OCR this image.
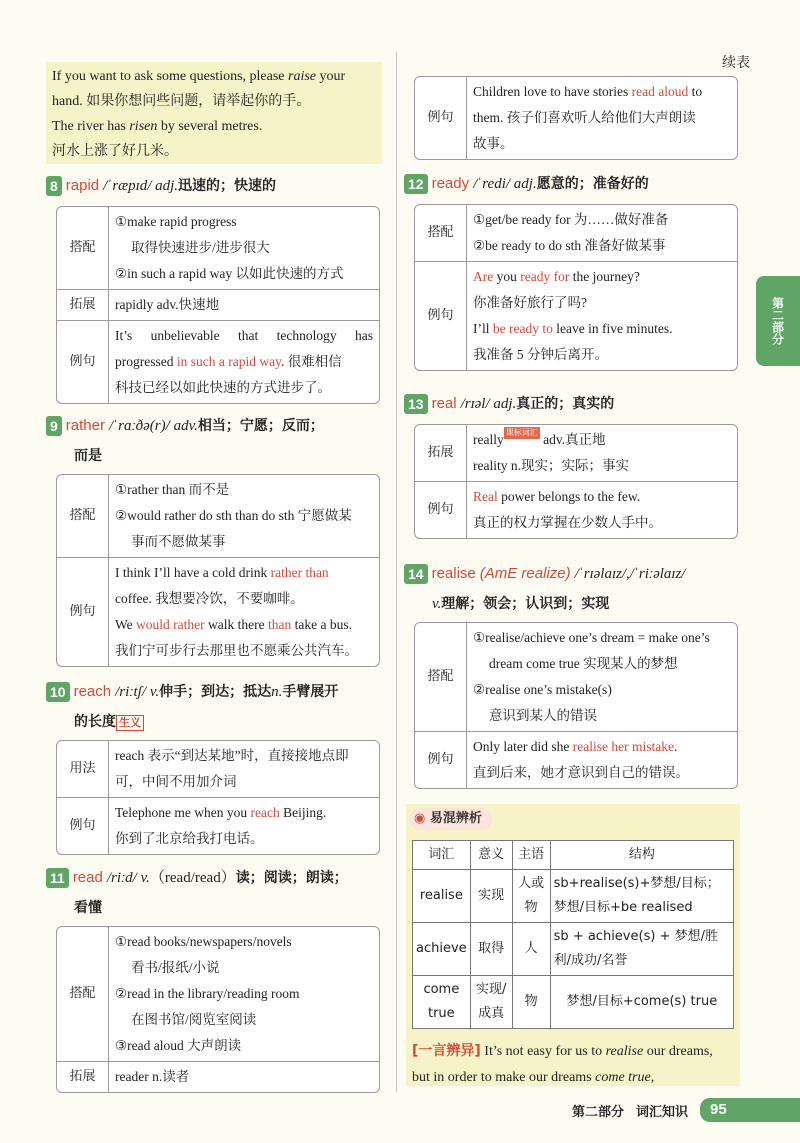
If you want to ask some questions, please raise your
hand. 如果你想问些问题，请举起你的手。
The river has risen by several metres.
河水上涨了好几米。
8 rapid /ˈræpɪd/ adj.迅速的；快速的
搭配	①make rapid progress
取得快速进步/进步很大
②in such a rapid way 以如此快速的方式

拓展	rapidly adv.快速地

例句	It’s unbelievable that technology has
progressed in such a rapid way. 很难相信
科技已经以如此快速的方式进步了。
9 rather /ˈrɑːðə(r)/ adv.相当；宁愿；反而；
而是
搭配	①rather than 而不是
②would rather do sth than do sth 宁愿做某
事而不愿做某事

例句	I think I’ll have a cold drink rather than
coffee. 我想要冷饮，不要咖啡。
We would rather walk there than take a bus.
我们宁可步行去那里也不愿乘公共汽车。
10 reach /riːtʃ/ v.伸手；到达；抵达n.手臂展开
的长度 生义
用法	reach 表示“到达某地”时，直接接地点即
可，中间不用加介词

例句	Telephone me when you reach Beijing.
你到了北京给我打电话。
11 read /riːd/ v.（read/read）读；阅读；朗读；
看懂
搭配	①read books/newspapers/novels
看书/报纸/小说
②read in the library/reading room
在图书馆/阅览室阅读
③read aloud 大声朗读

拓展	reader n.读者
续表
例句	
Children love to have stories read aloud to
them. 孩子们喜欢听人给他们大声朗读
故事。
12 ready /ˈredi/ adj.愿意的；准备好的
搭配	①get/be ready for 为……做好准备
②be ready to do sth 准备好做某事

例句	Are you ready for the journey?
你准备好旅行了吗?
I’ll be ready to leave in five minutes.
我准备 5 分钟后离开。
13 real /rɪəl/ adj.真正的；真实的
拓展	really 课标词汇 adv.真正地
reality n.现实；实际；事实

例句	Real power belongs to the few.
真正的权力掌握在少数人手中。
14 realise (AmE realize) /ˈrɪəlaɪz/,/ˈriːəlaɪz/
v.理解；领会；认识到；实现
搭配	①realise/achieve one’s dream = make one’s
dream come true 实现某人的梦想
②realise one’s mistake(s)
意识到某人的错误

例句	Only later did she realise her mistake.
直到后来，她才意识到自己的错误。
◉ 易混辨析
词汇	意义	主语	结构
realise	实现	人或物	sb+realise(s)+梦想/目标；
梦想/目标+be realised

achieve	取得	人	sb + achieve(s) + 梦想/胜
利/成功/名誉

come true	实现/成真	物	梦想/目标+come(s) true
[一言辨异] It’s not easy for us to realise our dreams, but in order to make our dreams come true,
第二部分
第二部分 词汇知识	95
